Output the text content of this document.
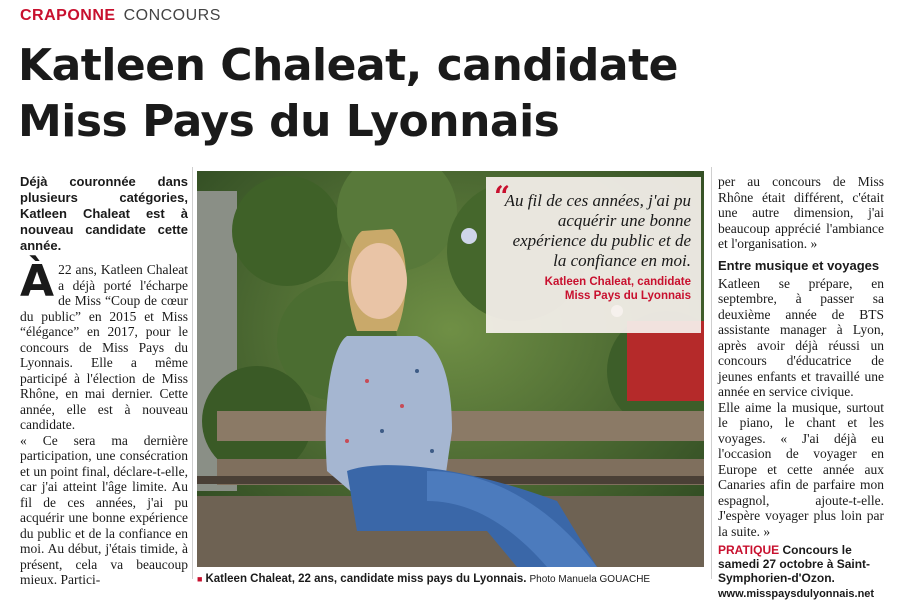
CRAPONNE CONCOURS
Katleen Chaleat, candidate
Miss Pays du Lyonnais

Déjà couronnée dans plusieurs catégories, Katleen Chaleat est à nouveau candidate cette année.

À 22 ans, Katleen Chaleat a déjà porté l'écharpe de Miss “Coup de cœur du public” en 2015 et Miss “élégance” en 2017, pour le concours de Miss Pays du Lyonnais. Elle a même participé à l'élection de Miss Rhône, en mai dernier. Cette année, elle est à nouveau candidate.

« Ce sera ma dernière participation, une consécration et un point final, déclare-t-elle, car j'ai atteint l'âge limite. Au fil de ces années, j'ai pu acquérir une bonne expérience du public et de la confiance en moi. Au début, j'étais timide, à présent, cela va beaucoup mieux. Partici-

“
Au fil de ces années, j'ai pu acquérir une bonne expérience du public et de la confiance en moi.
Katleen Chaleat, candidate
Miss Pays du Lyonnais
■ Katleen Chaleat, 22 ans, candidate miss pays du Lyonnais. Photo Manuela GOUACHE

per au concours de Miss Rhône était différent, c'était une autre dimension, j'ai beaucoup apprécié l'ambiance et l'organisation. »

Entre musique et voyages

Katleen se prépare, en septembre, à passer sa deuxième année de BTS assistante manager à Lyon, après avoir déjà réussi un concours d'éducatrice de jeunes enfants et travaillé une année en service civique.

Elle aime la musique, surtout le piano, le chant et les voyages. « J'ai déjà eu l'occasion de voyager en Europe et cette année aux Canaries afin de parfaire mon espagnol, ajoute-t-elle. J'espère voyager plus loin par la suite. »

PRATIQUE Concours le samedi 27 octobre à Saint-Symphorien-d'Ozon.
www.misspaysdulyonnais.net
